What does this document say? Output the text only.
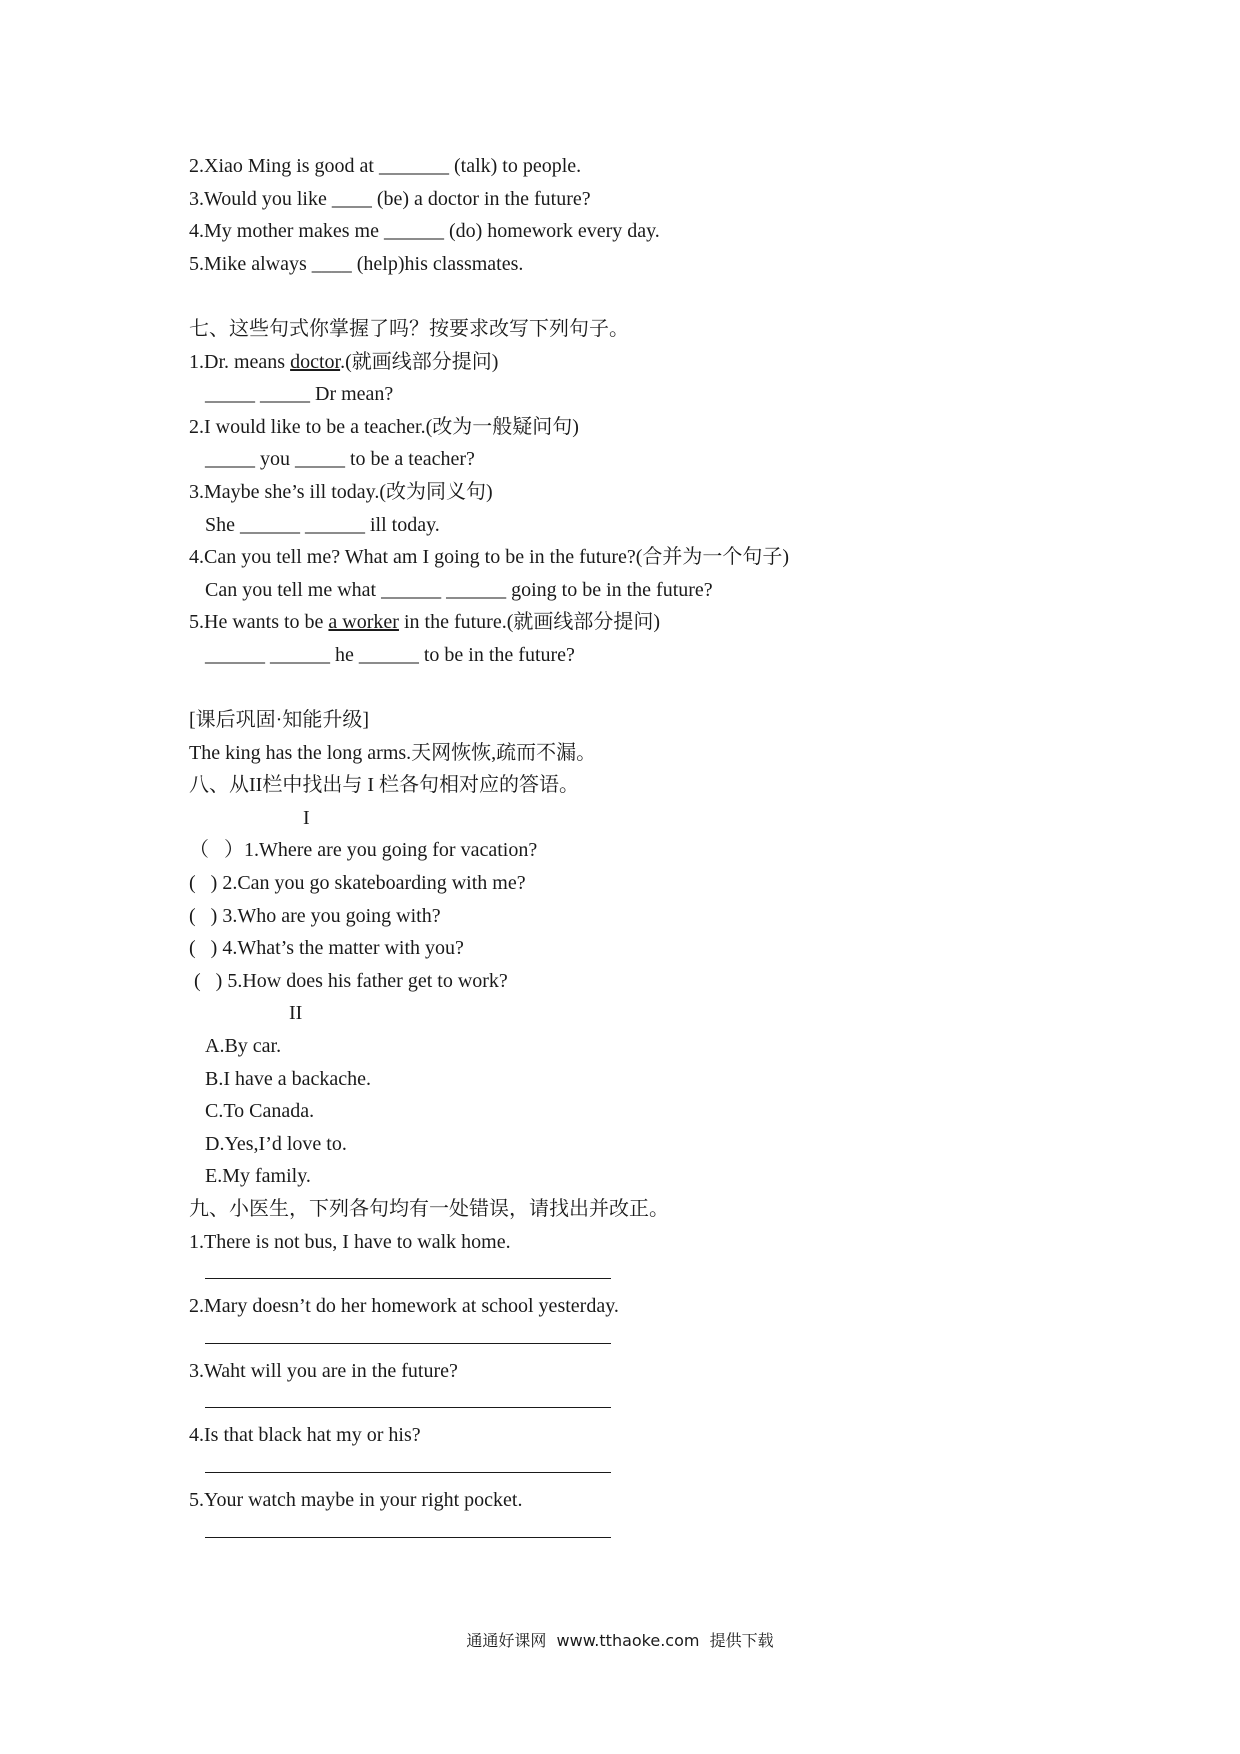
2.Xiao Ming is good at _______ (talk) to people.
3.Would you like ____ (be) a doctor in the future?
4.My mother makes me ______ (do) homework every day.
5.Mike always ____ (help)his classmates.
七、这些句式你掌握了吗？按要求改写下列句子。
1.Dr. means doctor.(就画线部分提问)
_____ _____ Dr mean?
2.I would like to be a teacher.(改为一般疑问句)
_____ you _____ to be a teacher?
3.Maybe she’s ill today.(改为同义句)
She ______ ______ ill today.
4.Can you tell me? What am I going to be in the future?(合并为一个句子)
Can you tell me what ______ ______ going to be in the future?
5.He wants to be a worker in the future.(就画线部分提问)
______ ______ he ______ to be in the future?
[课后巩固·知能升级]
The king has the long arms.天网恢恢,疏而不漏。
八、从II栏中找出与 I 栏各句相对应的答语。
I
（   ）1.Where are you going for vacation?
(   ) 2.Can you go skateboarding with me?
(   ) 3.Who are you going with?
(   ) 4.What’s the matter with you?
(   ) 5.How does his father get to work?
II
A.By car.
B.I have a backache.
C.To Canada.
D.Yes,I’d love to.
E.My family.
九、小医生，下列各句均有一处错误，请找出并改正。
1.There is not bus, I have to walk home.
2.Mary doesn’t do her homework at school yesterday.
3.Waht will you are in the future?
4.Is that black hat my or his?
5.Your watch maybe in your right pocket.
通通好课网  www.tthaoke.com  提供下载
